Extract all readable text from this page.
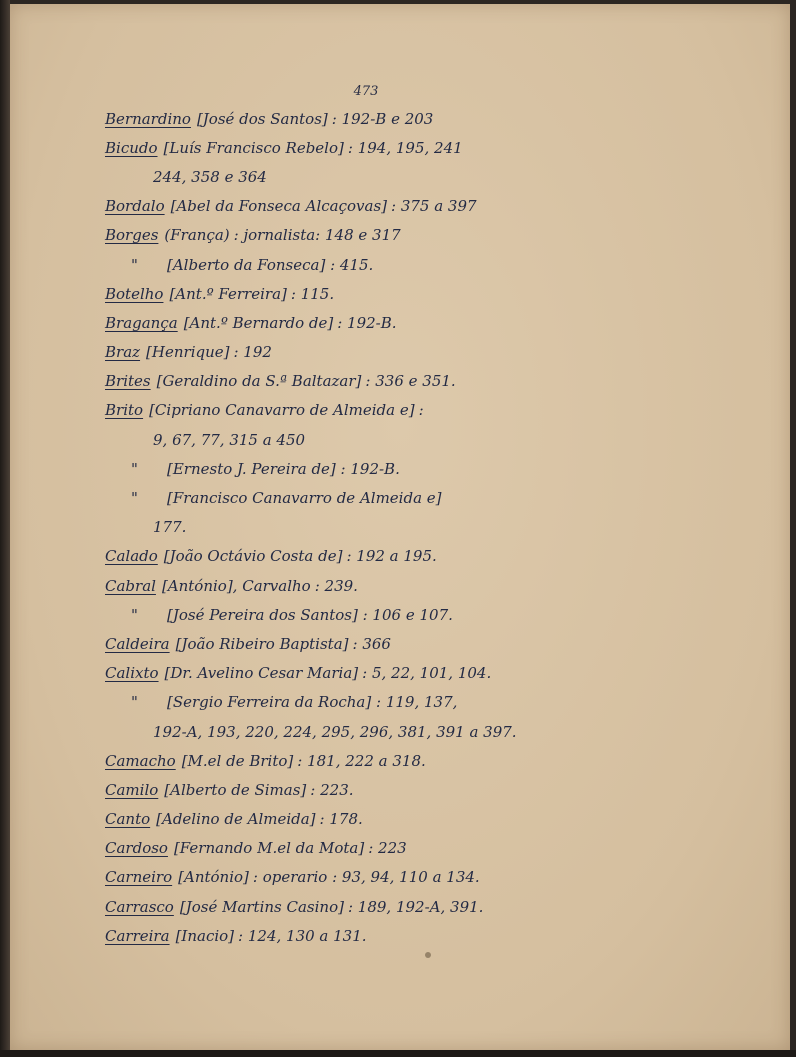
473
Bernardino [José dos Santos] : 192-B e 203
Bicudo [Luís Francisco Rebelo] : 194, 195, 241
244, 358 e 364
Bordalo [Abel da Fonseca Alcaçovas] : 375 a 397
Borges (França) : jornalista: 148 e 317
"	[Alberto da Fonseca] : 415.
Botelho [Ant.º Ferreira] : 115.
Bragança [Ant.º Bernardo de] : 192-B.
Braz [Henrique] : 192
Brites [Geraldino da S.ª Baltazar] : 336 e 351.
Brito [Cipriano Canavarro de Almeida e] :
9, 67, 77, 315 a 450
"	[Ernesto J. Pereira de] : 192-B.
"	[Francisco Canavarro de Almeida e]
177.
Calado [João Octávio Costa de] : 192 a 195.
Cabral [António], Carvalho : 239.
"	[José Pereira dos Santos] : 106 e 107.
Caldeira [João Ribeiro Baptista] : 366
Calixto [Dr. Avelino Cesar Maria] : 5, 22, 101, 104.
"	[Sergio Ferreira da Rocha] : 119, 137,
192-A, 193, 220, 224, 295, 296, 381, 391 a 397.
Camacho [M.el de Brito] : 181, 222 a 318.
Camilo [Alberto de Simas] : 223.
Canto [Adelino de Almeida] : 178.
Cardoso [Fernando M.el da Mota] : 223
Carneiro [António] : operario : 93, 94, 110 a 134.
Carrasco [José Martins Casino] : 189, 192-A, 391.
Carreira [Inacio] : 124, 130 a 131.
